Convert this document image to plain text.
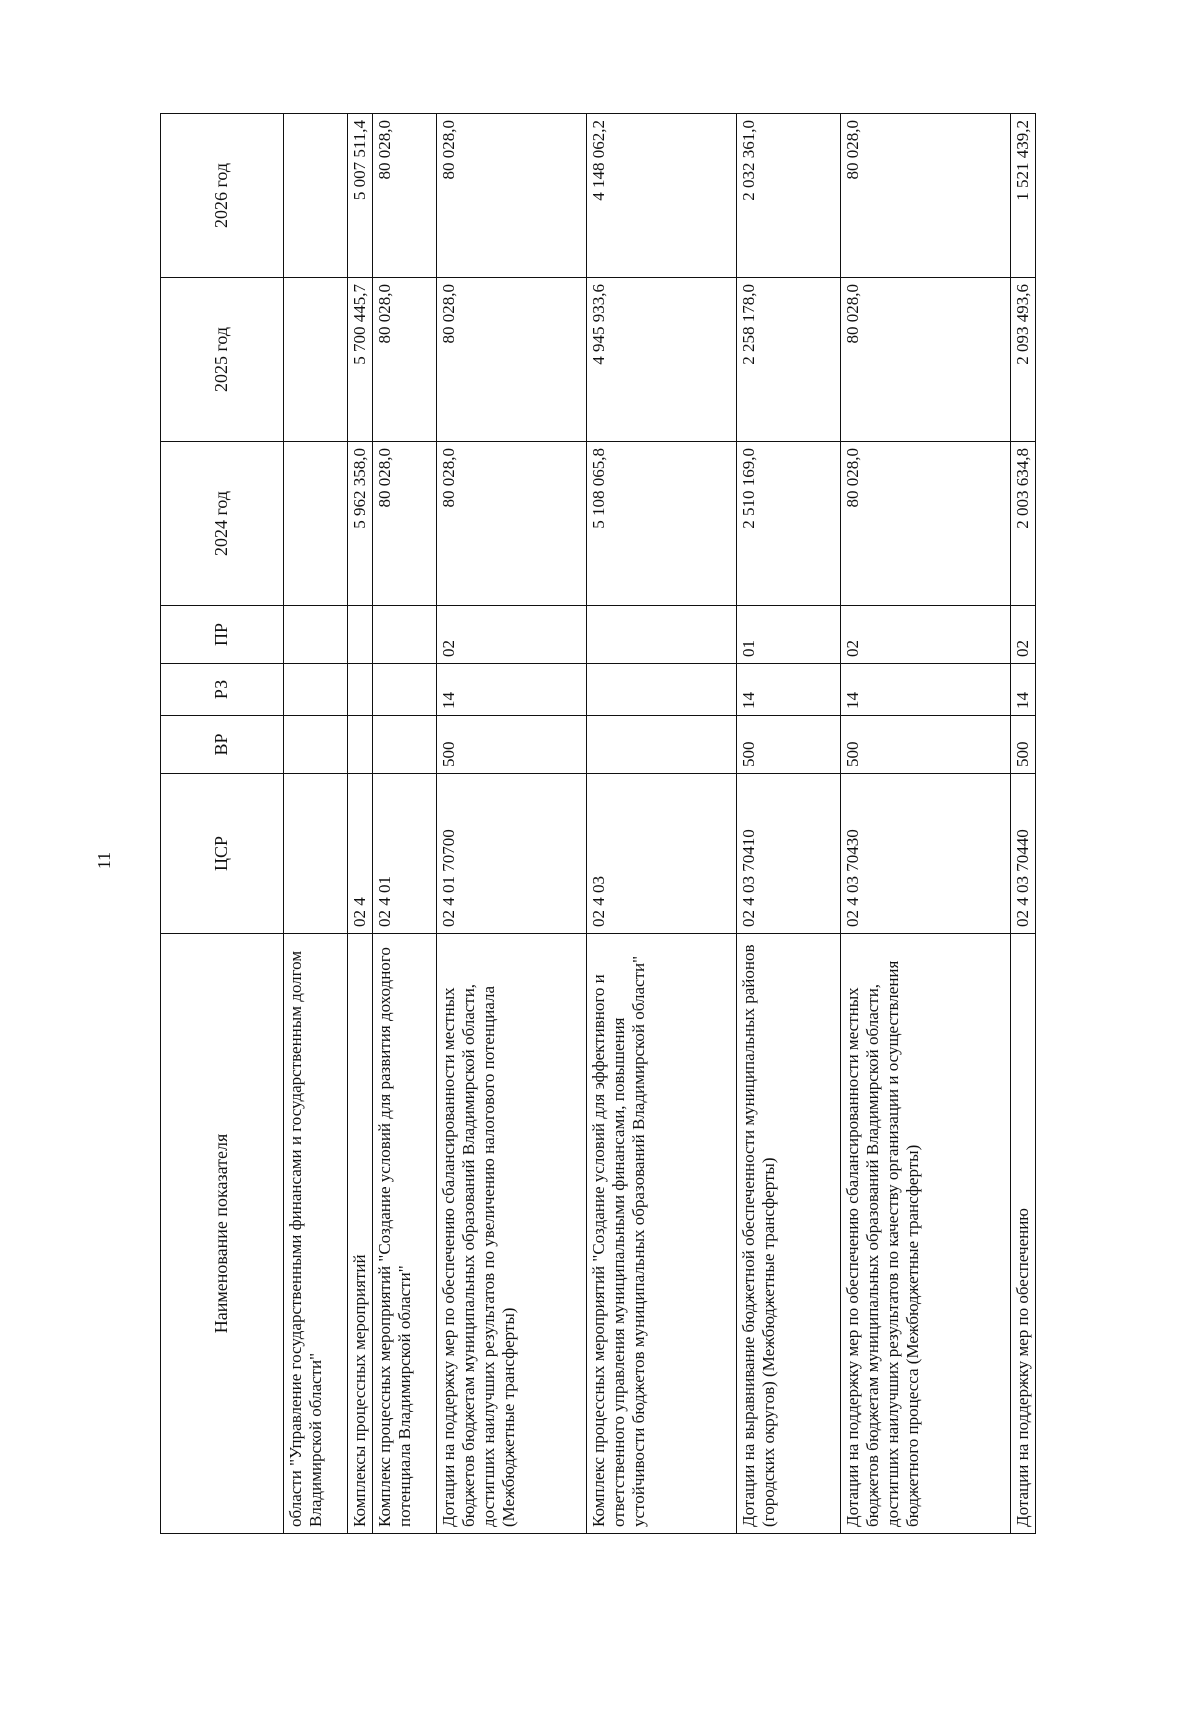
11
Наименование показателя	ЦСР	ВР	РЗ	ПР	2024 год	2025 год	2026 год
области "Управление государственными финансами и государственным долгом Владимирской области"							
Комплексы процессных мероприятий	02 4				5 962 358,0	5 700 445,7	5 007 511,4
Комплекс процессных мероприятий "Создание условий для развития доходного потенциала Владимирской области"	02 4 01				80 028,0	80 028,0	80 028,0
Дотации на поддержку мер по обеспечению сбалансированности местных бюджетов бюджетам муниципальных образований Владимирской области, достигших наилучших результатов по увеличению налогового потенциала (Межбюджетные трансферты)	02 4 01 70700	500	14	02	80 028,0	80 028,0	80 028,0
Комплекс процессных мероприятий "Создание условий для эффективного и ответственного управления муниципальными финансами, повышения устойчивости бюджетов муниципальных образований Владимирской области"	02 4 03				5 108 065,8	4 945 933,6	4 148 062,2
Дотации на выравнивание бюджетной обеспеченности муниципальных районов (городских округов) (Межбюджетные трансферты)	02 4 03 70410	500	14	01	2 510 169,0	2 258 178,0	2 032 361,0
Дотации на поддержку мер по обеспечению сбалансированности местных бюджетов бюджетам муниципальных образований Владимирской области, достигших наилучших результатов по качеству организации и осуществления бюджетного процесса (Межбюджетные трансферты)	02 4 03 70430	500	14	02	80 028,0	80 028,0	80 028,0
Дотации на поддержку мер по обеспечению	02 4 03 70440	500	14	02	2 003 634,8	2 093 493,6	1 521 439,2
